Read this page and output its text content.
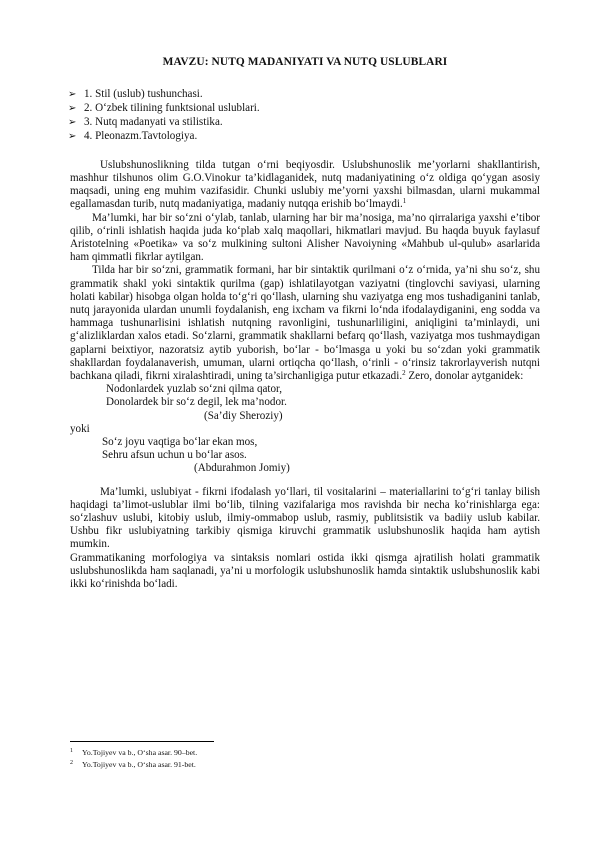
MAVZU: NUTQ MADANIYATI VA NUTQ USLUBLARI
➢ 1. Stil (uslub) tushunchasi.
➢ 2. O‘zbek tilining funktsional uslublari.
➢ 3. Nutq madanyati va stilistika.
➢ 4. Pleonazm.Tavtologiya.

Uslubshunoslikning tilda tutgan o‘rni beqiyosdir. Uslubshunoslik me’yorlarni shakllantirish, mashhur tilshunos olim G.O.Vinokur ta’kidlaganidek, nutq madaniyatining o‘z oldiga qo‘ygan asosiy maqsadi, uning eng muhim vazifasidir. Chunki uslubiy me’yorni yaxshi bilmasdan, ularni mukammal egallamasdan turib, nutq madaniyatiga, madaniy nutqqa erishib bo‘lmaydi.$^1$

Ma’lumki, har bir so‘zni o‘ylab, tanlab, ularning har bir ma’nosiga, ma’no qirralariga yaxshi e’tibor qilib, o‘rinli ishlatish haqida juda ko‘plab xalq maqollari, hikmatlari mavjud. Bu haqda buyuk faylasuf Aristotelning «Poetika» va so‘z mulkining sultoni Alisher Navoiyning «Mahbub ul-qulub» asarlarida ham qimmatli fikrlar aytilgan.

Tilda har bir so‘zni, grammatik formani, har bir sintaktik qurilmani o‘z o‘rnida, ya’ni shu so‘z, shu grammatik shakl yoki sintaktik qurilma (gap) ishlatilayotgan vaziyatni (tinglovchi saviyasi, ularning holati kabilar) hisobga olgan holda to‘g‘ri qo‘llash, ularning shu vaziyatga eng mos tushadiganini tanlab, nutq jarayonida ulardan unumli foydalanish, eng ixcham va fikrni lo‘nda ifodalaydiganini, eng sodda va hammaga tushunarlisini ishlatish nutqning ravonligini, tushunarliligini, aniqligini ta’minlaydi, uni g‘alizliklardan xalos etadi. So‘zlarni, grammatik shakllarni befarq qo‘llash, vaziyatga mos tushmaydigan gaplarni beixtiyor, nazoratsiz aytib yuborish, bo‘lar - bo‘lmasga u yoki bu so‘zdan yoki grammatik shakllardan foydalanaverish, umuman, ularni ortiqcha qo‘llash, o‘rinli - o‘rinsiz takrorlayverish nutqni bachkana qiladi, fikrni xiralashtiradi, uning ta’sirchanligiga putur etkazadi.$^2$ Zero, donolar aytganidek:

Nodonlardek yuzlab so‘zni qilma qator,
Donolardek bir so‘z degil, lek ma’nodor.
(Sa’diy Sheroziy)
yoki
So‘z joyu vaqtiga bo‘lar ekan mos,
Sehru afsun uchun u bo‘lar asos.
(Abdurahmon Jomiy)

Ma’lumki, uslubiyat - fikrni ifodalash yo‘llari, til vositalarini – materiallarini to‘g‘ri tanlay bilish haqidagi ta’limot-uslublar ilmi bo‘lib, tilning vazifalariga mos ravishda bir necha ko‘rinishlarga ega: so‘zlashuv uslubi, kitobiy uslub, ilmiy-ommabop uslub, rasmiy, publitsistik va badiiy uslub kabilar. Ushbu fikr uslubiyatning tarkibiy qismiga kiruvchi grammatik uslubshunoslik haqida ham aytish mumkin.

Grammatikaning morfologiya va sintaksis nomlari ostida ikki qismga ajratilish holati grammatik uslubshunoslikda ham saqlanadi, ya’ni u morfologik uslubshunoslik hamda sintaktik uslubshunoslik kabi ikki ko‘rinishda bo‘ladi.

$^1$	Yo.Tojiyev va b., O‘sha asar. 90–bet.
$^2$	Yo.Tojiyev va b., O‘sha asar. 91-bet.
